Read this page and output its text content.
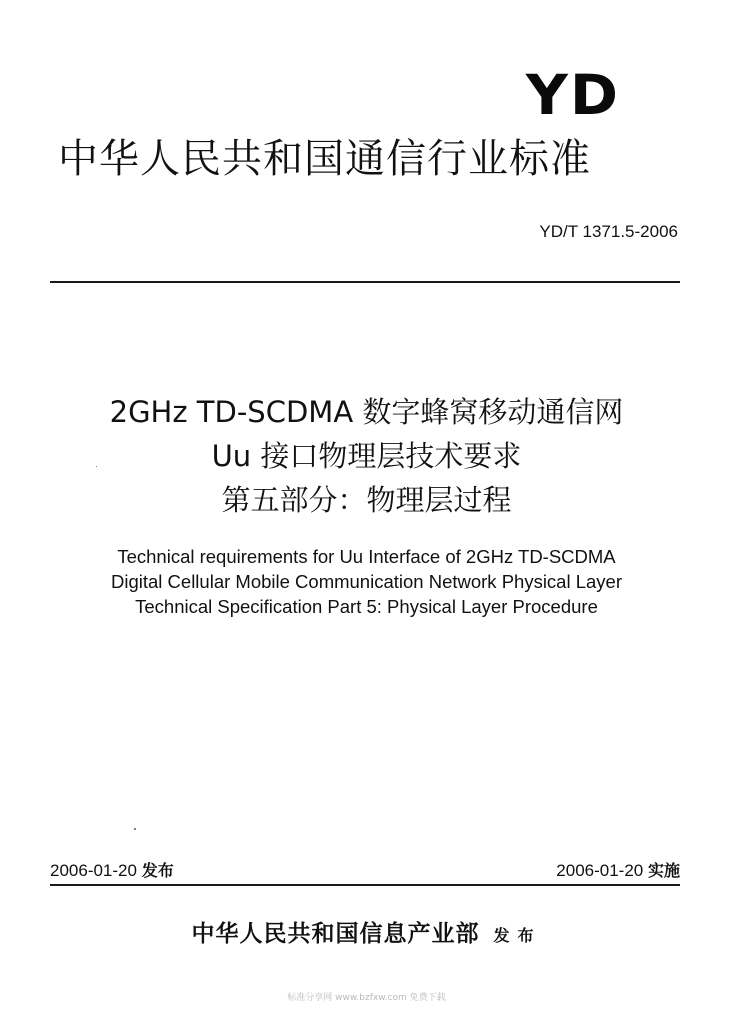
YD
中华人民共和国通信行业标准
YD/T 1371.5-2006
2GHz TD-SCDMA 数字蜂窝移动通信网
Uu 接口物理层技术要求
第五部分：物理层过程
Technical requirements for Uu Interface of 2GHz TD-SCDMA
Digital Cellular Mobile Communication Network Physical Layer
Technical Specification Part 5: Physical Layer Procedure
2006-01-20 发布	2006-01-20 实施
中华人民共和国信息产业部 发布
标准分享网 www.bzfxw.com 免费下载
